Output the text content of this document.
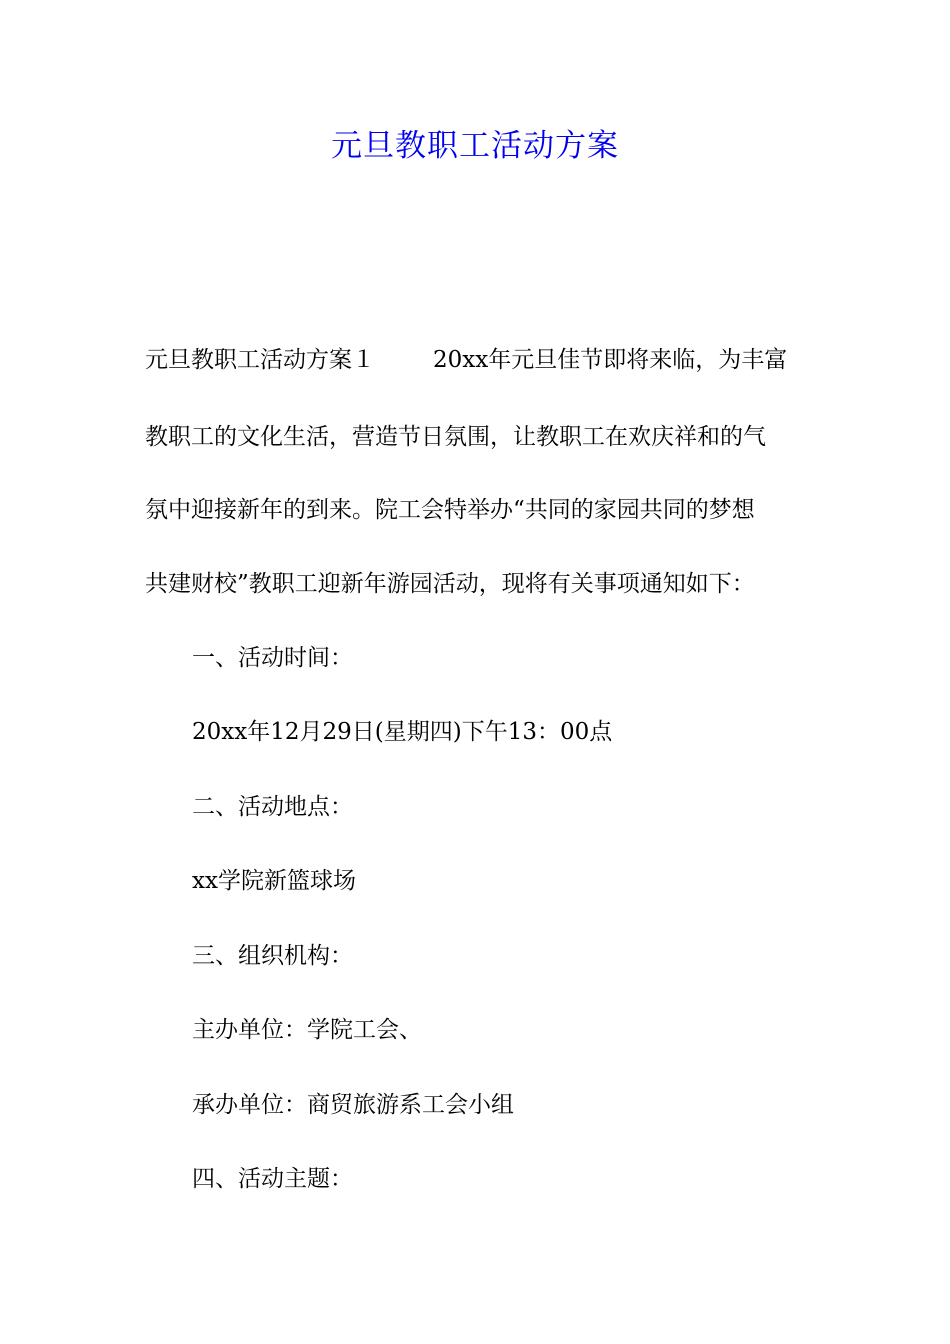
元旦教职工活动方案
元旦教职工活动方案１	20xx年元旦佳节即将来临，为丰富
教职工的文化生活，营造节日氛围，让教职工在欢庆祥和的气
氛中迎接新年的到来。院工会特举办“共同的家园共同的梦想
共建财校”教职工迎新年游园活动，现将有关事项通知如下：
一、活动时间：
20xx年12月29日(星期四)下午13：00点
二、活动地点：
xx学院新篮球场
三、组织机构：
主办单位：学院工会、
承办单位：商贸旅游系工会小组
四、活动主题：
